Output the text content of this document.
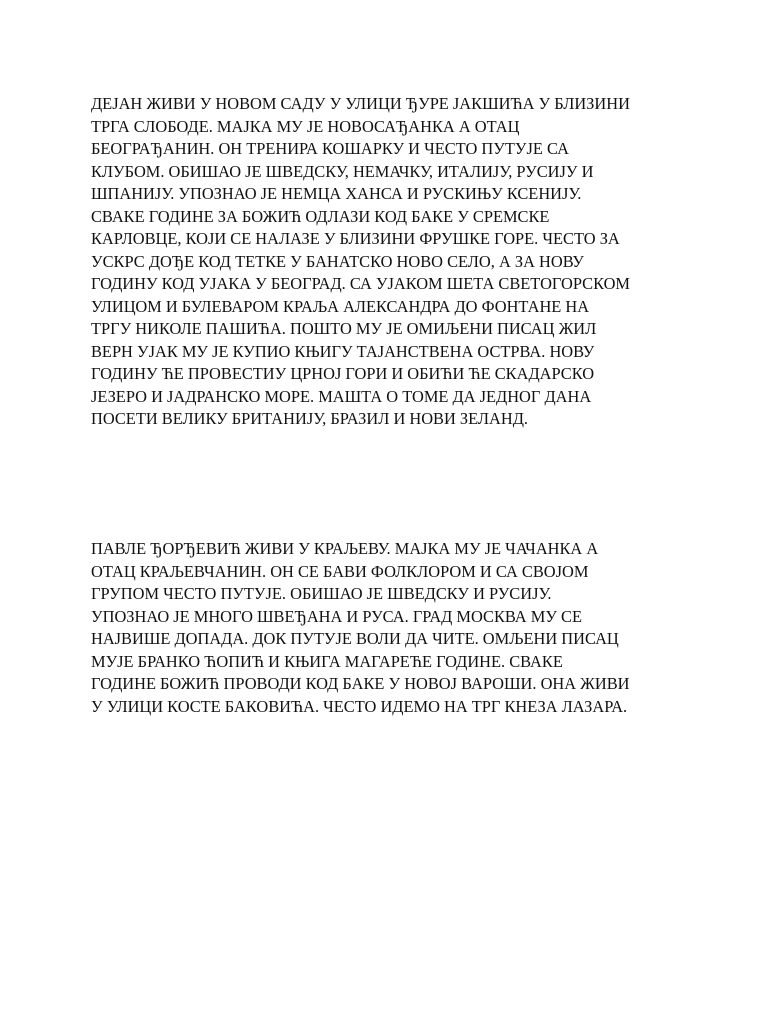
ДЕЈАН ЖИВИ У НОВОМ САДУ У УЛИЦИ ЂУРЕ ЈАКШИЋА У БЛИЗИНИ
ТРГА СЛОБОДЕ. МАЈКА МУ ЈЕ НОВОСАЂАНКА А ОТАЦ
БЕОГРАЂАНИН. ОН ТРЕНИРА КОШАРКУ И ЧЕСТО ПУТУЈЕ СА
КЛУБОМ. ОБИШАО ЈЕ ШВЕДСКУ, НЕМАЧКУ, ИТАЛИЈУ, РУСИЈУ И
ШПАНИЈУ. УПОЗНАО ЈЕ НЕМЦА ХАНСА И РУСКИЊУ КСЕНИЈУ.
СВАКЕ ГОДИНЕ ЗА БОЖИЋ ОДЛАЗИ КОД БАКЕ У СРЕМСКЕ
КАРЛОВЦЕ, КОЈИ СЕ НАЛАЗЕ У БЛИЗИНИ ФРУШКЕ ГОРЕ. ЧЕСТО ЗА
УСКРС ДОЂЕ КОД ТЕТКЕ У БАНАТСКО НОВО СЕЛО, А ЗА НОВУ
ГОДИНУ КОД УЈАКА У БЕОГРАД. СА УЈАКОМ ШЕТА СВЕТОГОРСКОМ
УЛИЦОМ И БУЛЕВАРОМ КРАЉА АЛЕКСАНДРА ДО ФОНТАНЕ НА
ТРГУ НИКОЛЕ ПАШИЋА. ПОШТО МУ ЈЕ ОМИЉЕНИ ПИСАЦ ЖИЛ
ВЕРН УЈАК МУ ЈЕ КУПИО КЊИГУ ТАЈАНСТВЕНА ОСТРВА. НОВУ
ГОДИНУ ЋЕ ПРОВЕСТИУ ЦРНОЈ ГОРИ И ОБИЋИ ЋЕ СКАДАРСКО
ЈЕЗЕРО И ЈАДРАНСКО МОРЕ. МАШТА О ТОМЕ ДА ЈЕДНОГ ДАНА
ПОСЕТИ ВЕЛИКУ БРИТАНИЈУ, БРАЗИЛ И НОВИ ЗЕЛАНД.

ПАВЛЕ ЂОРЂЕВИЋ ЖИВИ У КРАЉЕВУ. МАЈКА МУ ЈЕ ЧАЧАНКА А
ОТАЦ КРАЉЕВЧАНИН. ОН СЕ БАВИ ФОЛКЛОРОМ И СА СВОЈОМ
ГРУПОМ ЧЕСТО ПУТУЈЕ. ОБИШАО ЈЕ ШВЕДСКУ И РУСИЈУ.
УПОЗНАО ЈЕ МНОГО ШВЕЂАНА И РУСА. ГРАД МОСКВА МУ СЕ
НАЈВИШЕ ДОПАДА. ДОК ПУТУЈЕ ВОЛИ ДА ЧИТЕ. ОМЉЕНИ ПИСАЦ
МУЈЕ БРАНКО ЋОПИЋ И КЊИГА МАГАРЕЋЕ ГОДИНЕ. СВАКЕ
ГОДИНЕ БОЖИЋ ПРОВОДИ КОД БАКЕ У НОВОЈ ВАРОШИ. ОНА ЖИВИ
У УЛИЦИ КОСТЕ БАКОВИЋА. ЧЕСТО ИДЕМО НА ТРГ КНЕЗА ЛАЗАРА.
